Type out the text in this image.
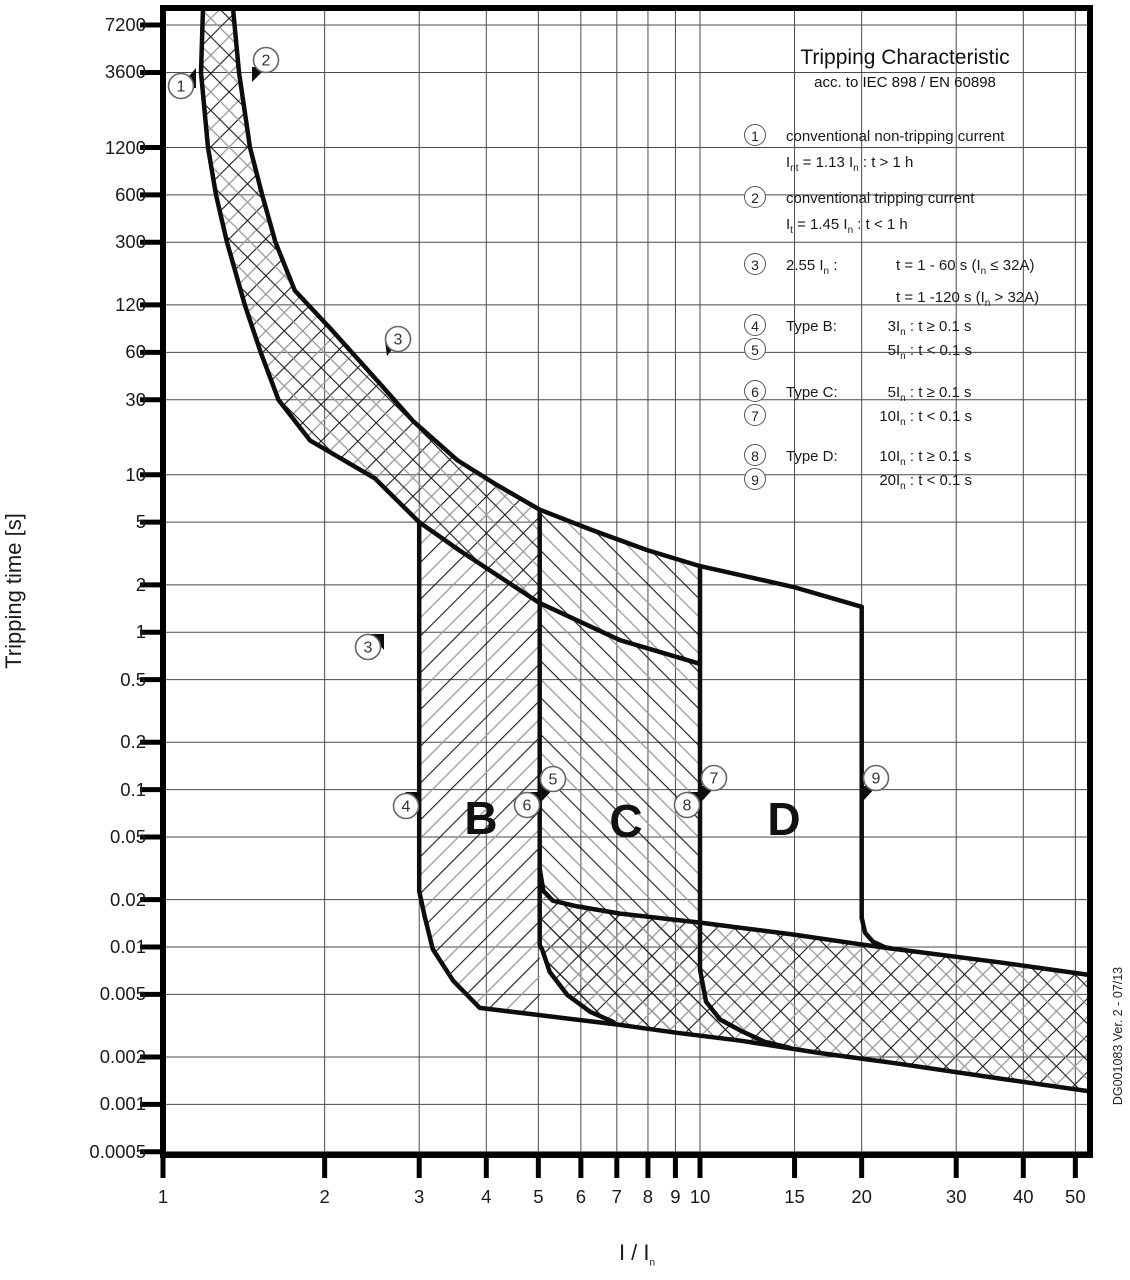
B C	D
1
2
3
3
4
5
6
7
8
9
7200
3600
1200
600
300
120
60
30
10
5
2
1
0.5
0.2
0.1
0.05
0.02
0.01
0.005
0.002
0.001
0.0005
1	2	3	4	5	6	7	8 9 10	15	20	30	40	50
Tripping time [s]
I / $I_n$
Tripping Characteristic
acc. to IEC 898 / EN 60898
1	conventional non-tripping current
$I_{nt} = 1.13$ $I_n$ : t > 1 h
2	conventional tripping current
$I_t = 1.45$ $I_n$ : t < 1 h
3	2.55 $I_n$ :	t = 1 - 60 s $(I_n \le 32A)$
t = 1 -120 s $(I_n > 32A)$
4	Type B:	$3I_n$ : t ≥ 0.1 s
5	$5I_n$ : t < 0.1 s
6	Type C:	$5I_n$ : t ≥ 0.1 s
7	$10I_n$ : t < 0.1 s
8	Type D:	$10I_n$ : t ≥ 0.1 s
9	$20I_n$ : t < 0.1 s
DG001083 Ver. 2 - 07/13
